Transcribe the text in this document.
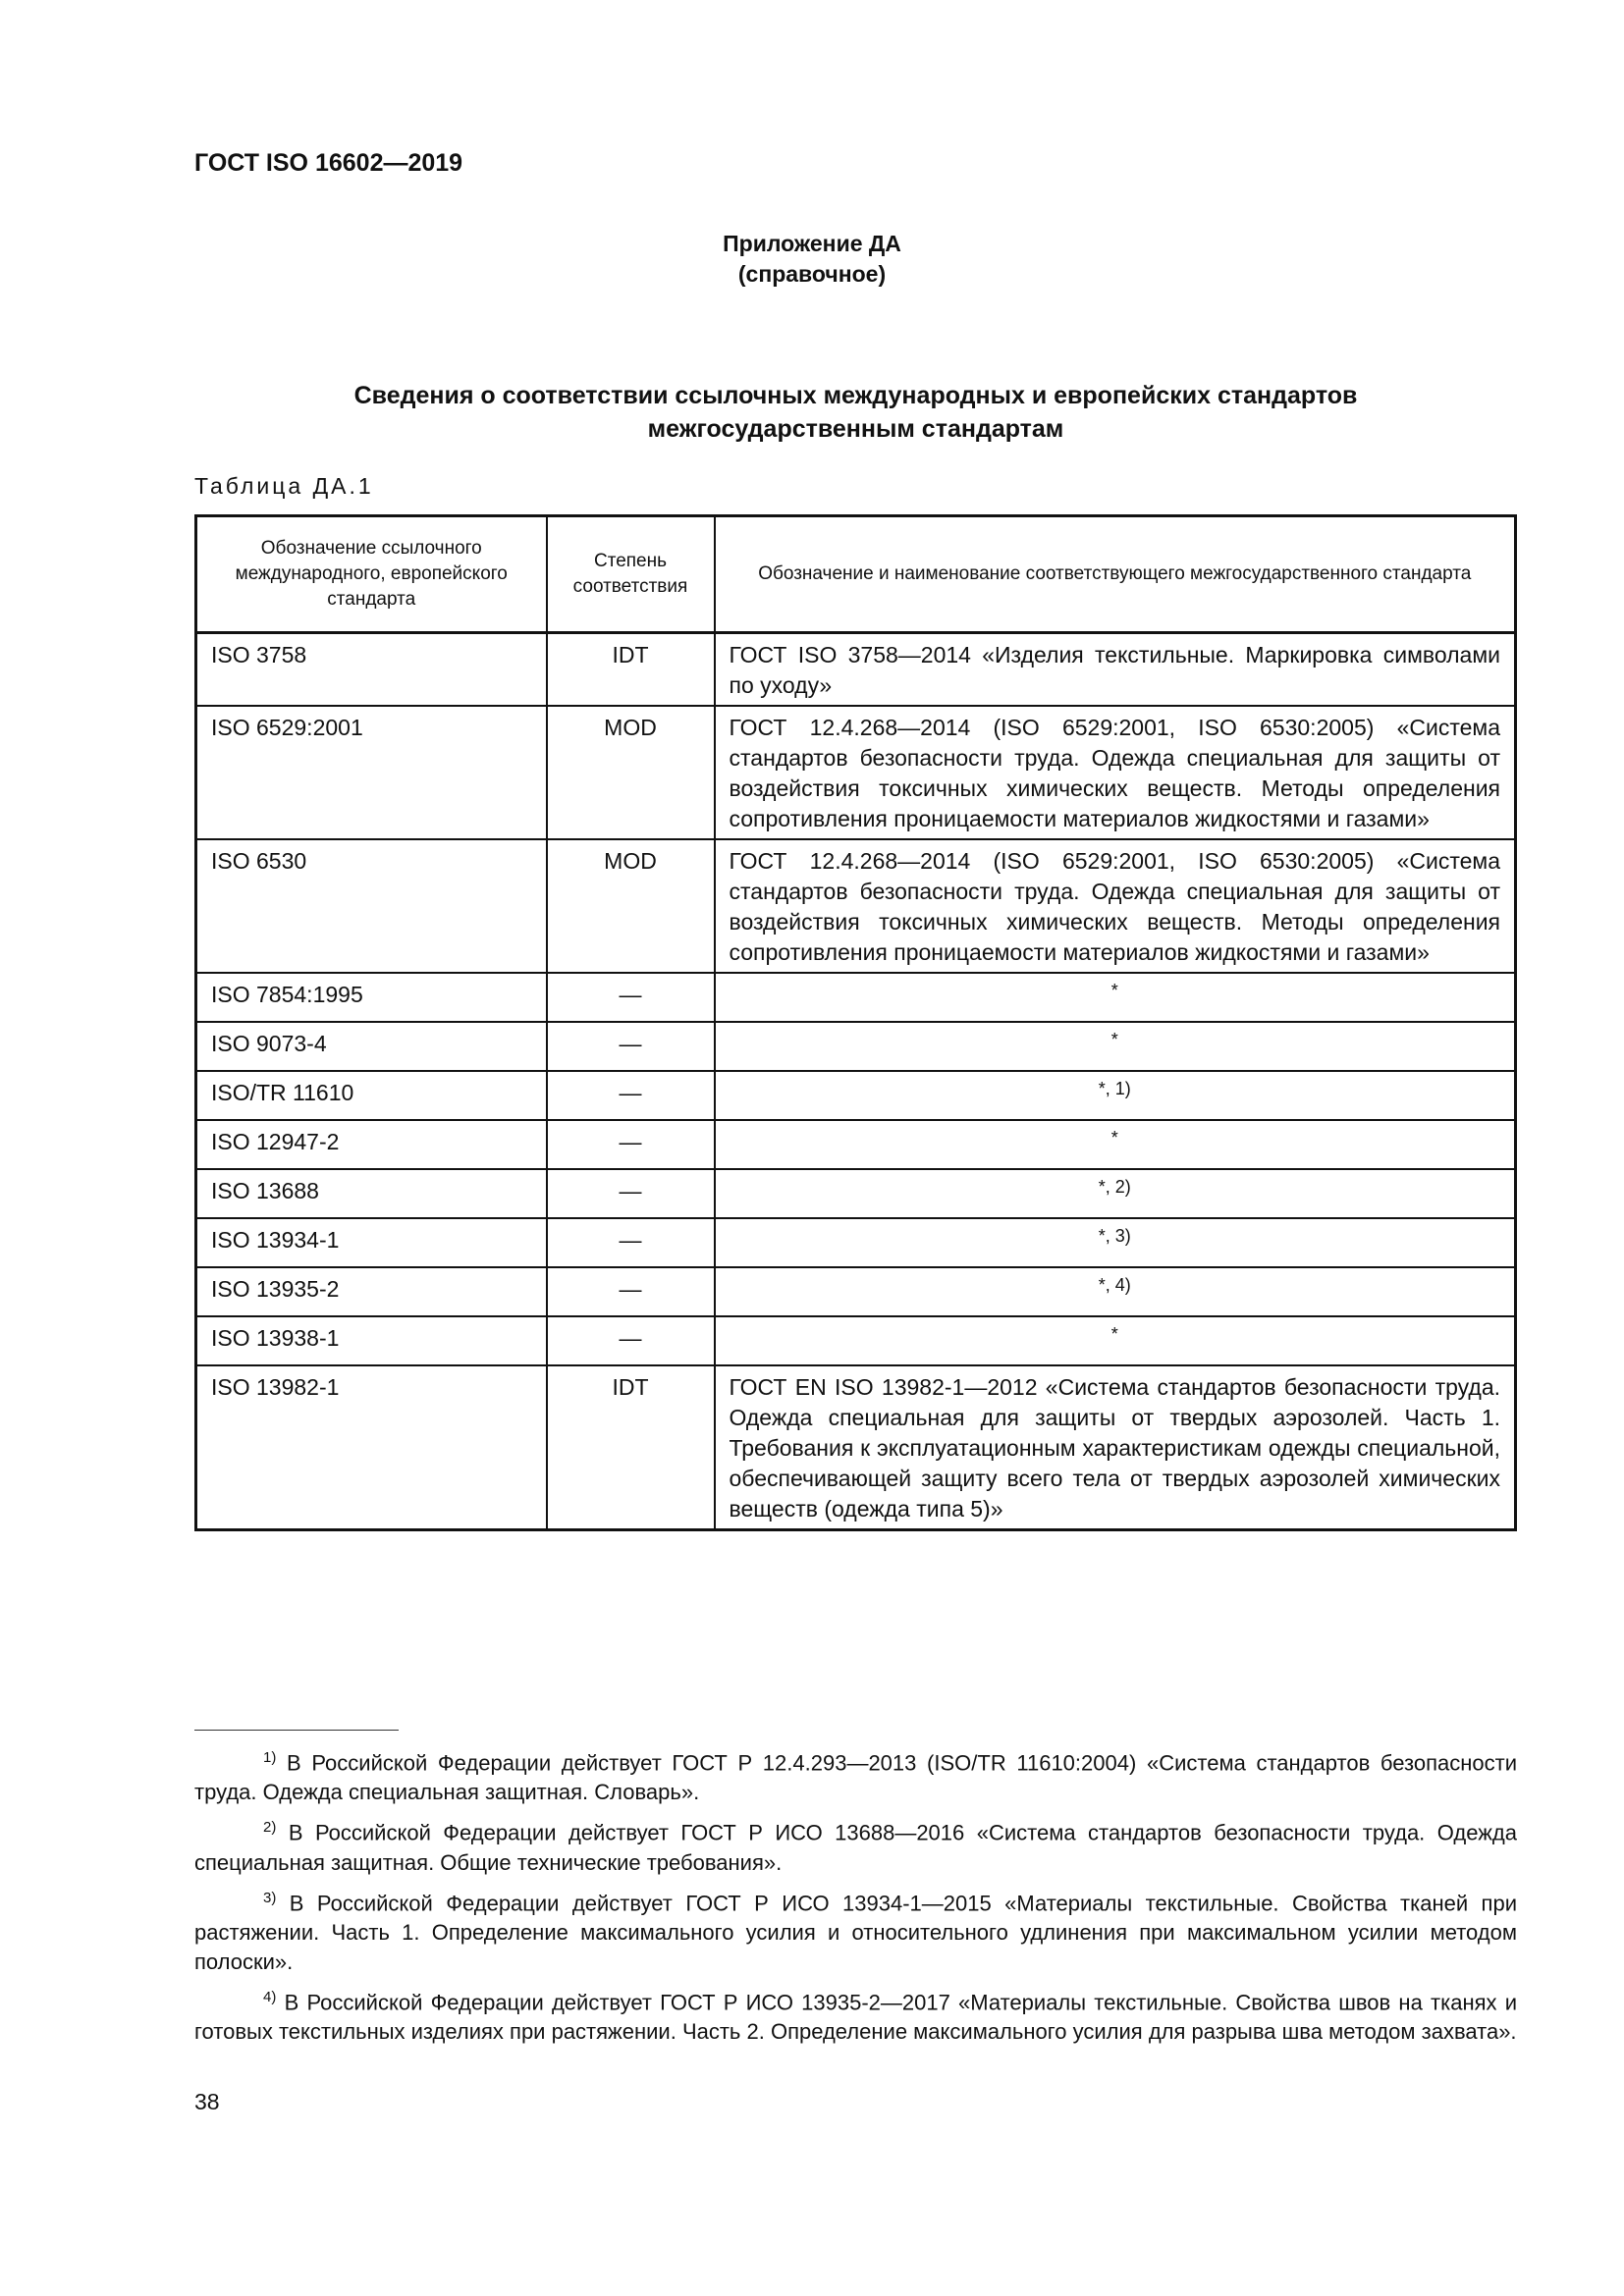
ГОСТ ISO 16602—2019
Приложение ДА
(справочное)
Сведения о соответствии ссылочных международных и европейских стандартов
межгосударственным стандартам
Таблица ДА.1
Обозначение ссылочного международного, европейского стандарта	Степень соответствия	Обозначение и наименование соответствующего межгосударственного стандарта
ISO 3758	IDT	ГОСТ ISO 3758—2014 «Изделия текстильные. Маркировка символами по уходу»
ISO 6529:2001	MOD	ГОСТ 12.4.268—2014 (ISO 6529:2001, ISO 6530:2005) «Система стандартов безопасности труда. Одежда специальная для защиты от воздействия токсичных химических веществ. Методы определения сопротивления проницаемости материалов жидкостями и газами»
ISO 6530	MOD	ГОСТ 12.4.268—2014 (ISO 6529:2001, ISO 6530:2005) «Система стандартов безопасности труда. Одежда специальная для защиты от воздействия токсичных химических веществ. Методы определения сопротивления проницаемости материалов жидкостями и газами»
ISO 7854:1995	—	*
ISO 9073-4	—	*
ISO/TR 11610	—	*, 1)
ISO 12947-2	—	*
ISO 13688	—	*, 2)
ISO 13934-1	—	*, 3)
ISO 13935-2	—	*, 4)
ISO 13938-1	—	*
ISO 13982-1	IDT	ГОСТ EN ISO 13982-1—2012 «Система стандартов безопасности труда. Одежда специальная для защиты от твердых аэрозолей. Часть 1. Требования к эксплуатационным характеристикам одежды специальной, обеспечивающей защиту всего тела от твердых аэрозолей химических веществ (одежда типа 5)»
$^{1)}$ В Российской Федерации действует ГОСТ Р 12.4.293—2013 (ISO/TR 11610:2004) «Система стандартов безопасности труда. Одежда специальная защитная. Словарь».
$^{2)}$ В Российской Федерации действует ГОСТ Р ИСО 13688—2016 «Система стандартов безопасности труда. Одежда специальная защитная. Общие технические требования».
$^{3)}$ В Российской Федерации действует ГОСТ Р ИСО 13934-1—2015 «Материалы текстильные. Свойства тканей при растяжении. Часть 1. Определение максимального усилия и относительного удлинения при максимальном усилии методом полоски».
$^{4)}$ В Российской Федерации действует ГОСТ Р ИСО 13935-2—2017 «Материалы текстильные. Свойства швов на тканях и готовых текстильных изделиях при растяжении. Часть 2. Определение максимального усилия для разрыва шва методом захвата».
38
